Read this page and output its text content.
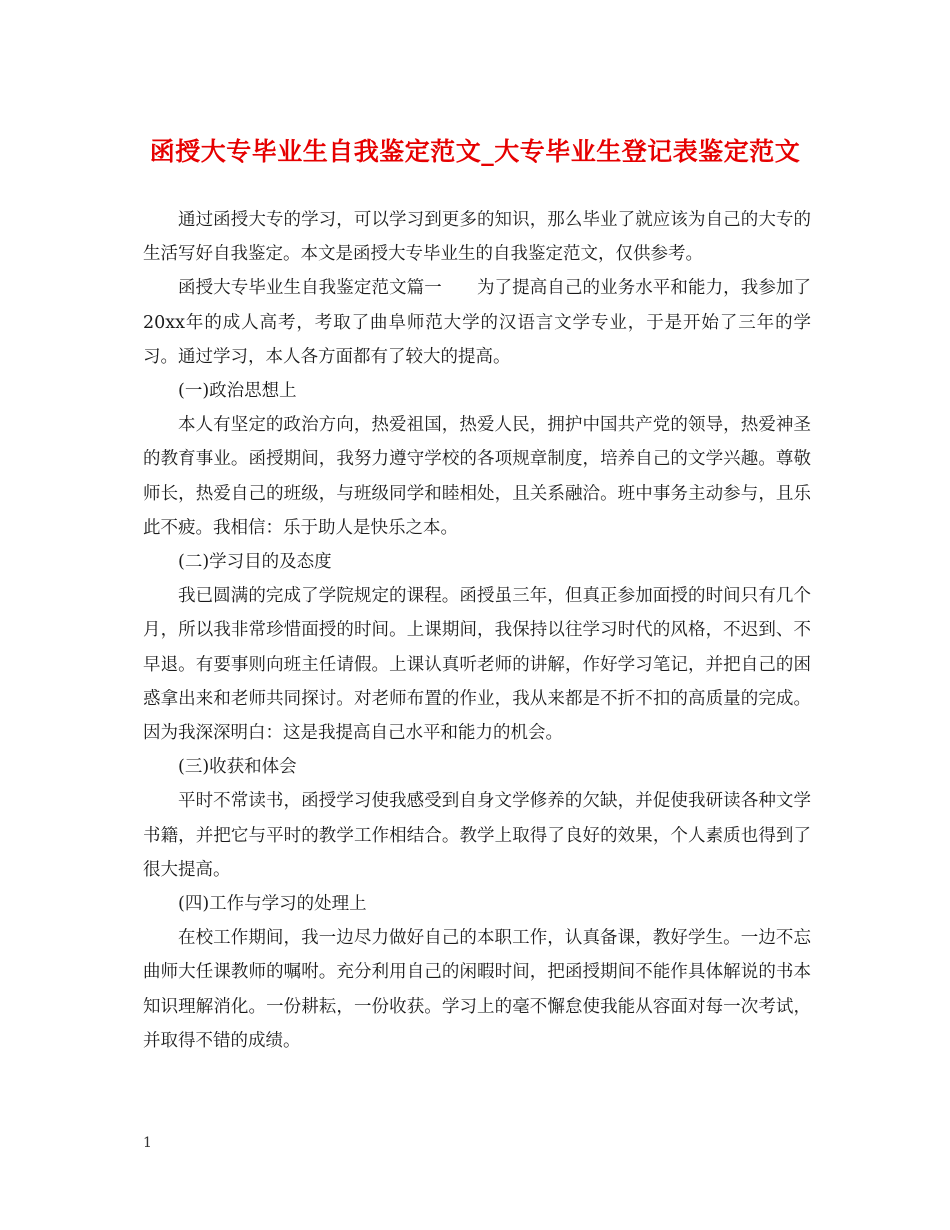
函授大专毕业生自我鉴定范文_大专毕业生登记表鉴定范文

通过函授大专的学习，可以学习到更多的知识，那么毕业了就应该为自己的大专的生活写好自我鉴定。本文是函授大专毕业生的自我鉴定范文，仅供参考。

函授大专毕业生自我鉴定范文篇一　　为了提高自己的业务水平和能力，我参加了20xx年的成人高考，考取了曲阜师范大学的汉语言文学专业，于是开始了三年的学习。通过学习，本人各方面都有了较大的提高。

(一)政治思想上

本人有坚定的政治方向，热爱祖国，热爱人民，拥护中国共产党的领导，热爱神圣的教育事业。函授期间，我努力遵守学校的各项规章制度，培养自己的文学兴趣。尊敬师长，热爱自己的班级，与班级同学和睦相处，且关系融洽。班中事务主动参与，且乐此不疲。我相信：乐于助人是快乐之本。

(二)学习目的及态度

我已圆满的完成了学院规定的课程。函授虽三年，但真正参加面授的时间只有几个月，所以我非常珍惜面授的时间。上课期间，我保持以往学习时代的风格，不迟到、不早退。有要事则向班主任请假。上课认真听老师的讲解，作好学习笔记，并把自己的困惑拿出来和老师共同探讨。对老师布置的作业，我从来都是不折不扣的高质量的完成。因为我深深明白：这是我提高自己水平和能力的机会。

(三)收获和体会

平时不常读书，函授学习使我感受到自身文学修养的欠缺，并促使我研读各种文学书籍，并把它与平时的教学工作相结合。教学上取得了良好的效果，个人素质也得到了很大提高。

(四)工作与学习的处理上

在校工作期间，我一边尽力做好自己的本职工作，认真备课，教好学生。一边不忘曲师大任课教师的嘱咐。充分利用自己的闲暇时间，把函授期间不能作具体解说的书本知识理解消化。一份耕耘，一份收获。学习上的毫不懈怠使我能从容面对每一次考试，并取得不错的成绩。

1
